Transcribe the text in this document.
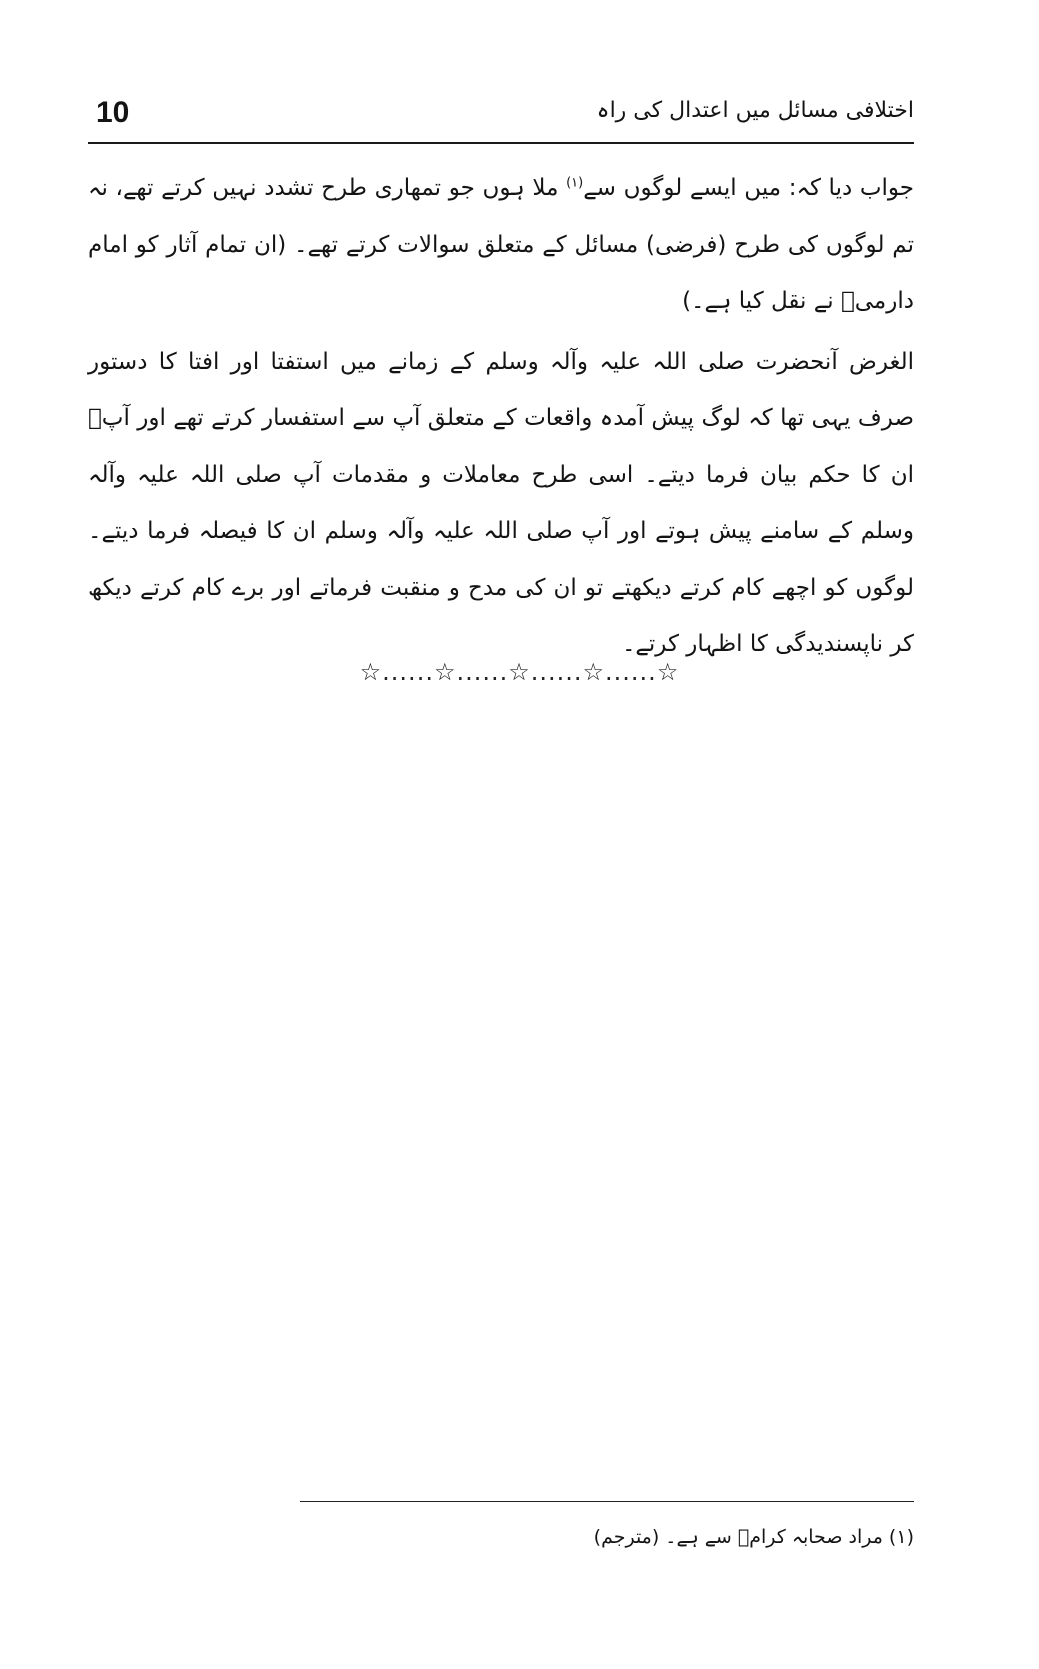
10	اختلافی مسائل میں اعتدال کی راہ

جواب دیا کہ: میں ایسے لوگوں سے$^{(۱)}$ ملا ہوں جو تمھاری طرح تشدد نہیں کرتے تھے، نہ تم لوگوں کی طرح (فرضی) مسائل کے متعلق سوالات کرتے تھے۔ (ان تمام آثار کو امام دارمیؒ نے نقل کیا ہے۔)

الغرض آنحضرت صلی اللہ علیہ وآلہ وسلم کے زمانے میں استفتا اور افتا کا دستور صرف یہی تھا کہ لوگ پیش آمدہ واقعات کے متعلق آپ سے استفسار کرتے تھے اور آپؐ ان کا حکم بیان فرما دیتے۔ اسی طرح معاملات و مقدمات آپ صلی اللہ علیہ وآلہ وسلم کے سامنے پیش ہوتے اور آپ صلی اللہ علیہ وآلہ وسلم ان کا فیصلہ فرما دیتے۔ لوگوں کو اچھے کام کرتے دیکھتے تو ان کی مدح و منقبت فرماتے اور برے کام کرتے دیکھ کر ناپسندیدگی کا اظہار کرتے۔

☆......☆......☆......☆......☆
(۱) مراد صحابہ کرامؓ سے ہے۔ (مترجم)
